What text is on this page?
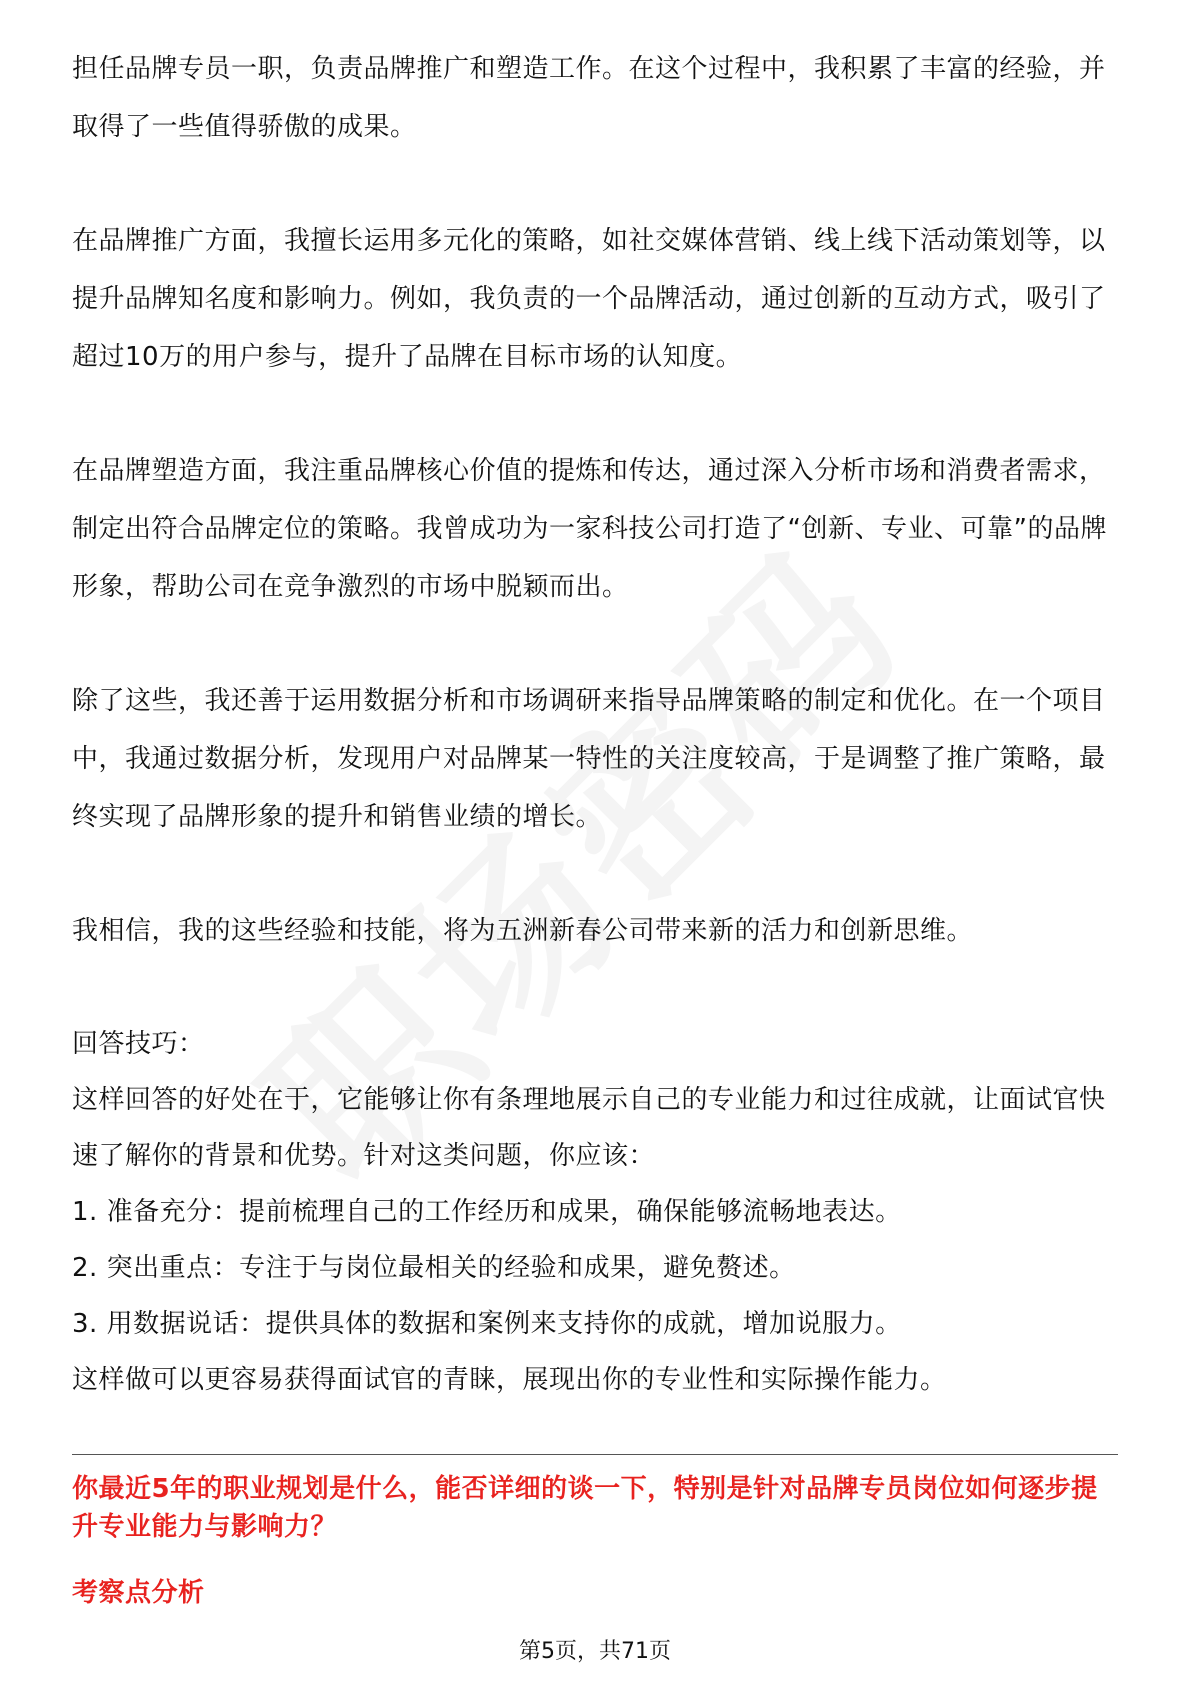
担任品牌专员一职，负责品牌推广和塑造工作。在这个过程中，我积累了丰富的经验，并取得了一些值得骄傲的成果。

在品牌推广方面，我擅长运用多元化的策略，如社交媒体营销、线上线下活动策划等，以提升品牌知名度和影响力。例如，我负责的一个品牌活动，通过创新的互动方式，吸引了超过10万的用户参与，提升了品牌在目标市场的认知度。

在品牌塑造方面，我注重品牌核心价值的提炼和传达，通过深入分析市场和消费者需求，制定出符合品牌定位的策略。我曾成功为一家科技公司打造了“创新、专业、可靠”的品牌形象，帮助公司在竞争激烈的市场中脱颖而出。

除了这些，我还善于运用数据分析和市场调研来指导品牌策略的制定和优化。在一个项目中，我通过数据分析，发现用户对品牌某一特性的关注度较高，于是调整了推广策略，最终实现了品牌形象的提升和销售业绩的增长。

我相信，我的这些经验和技能，将为五洲新春公司带来新的活力和创新思维。

回答技巧：
这样回答的好处在于，它能够让你有条理地展示自己的专业能力和过往成就，让面试官快速了解你的背景和优势。针对这类问题，你应该：
1. 准备充分：提前梳理自己的工作经历和成果，确保能够流畅地表达。
2. 突出重点：专注于与岗位最相关的经验和成果，避免赘述。
3. 用数据说话：提供具体的数据和案例来支持你的成就，增加说服力。
这样做可以更容易获得面试官的青睐，展现出你的专业性和实际操作能力。
你最近5年的职业规划是什么，能否详细的谈一下，特别是针对品牌专员岗位如何逐步提升专业能力与影响力？
考察点分析
第5页，共71页
